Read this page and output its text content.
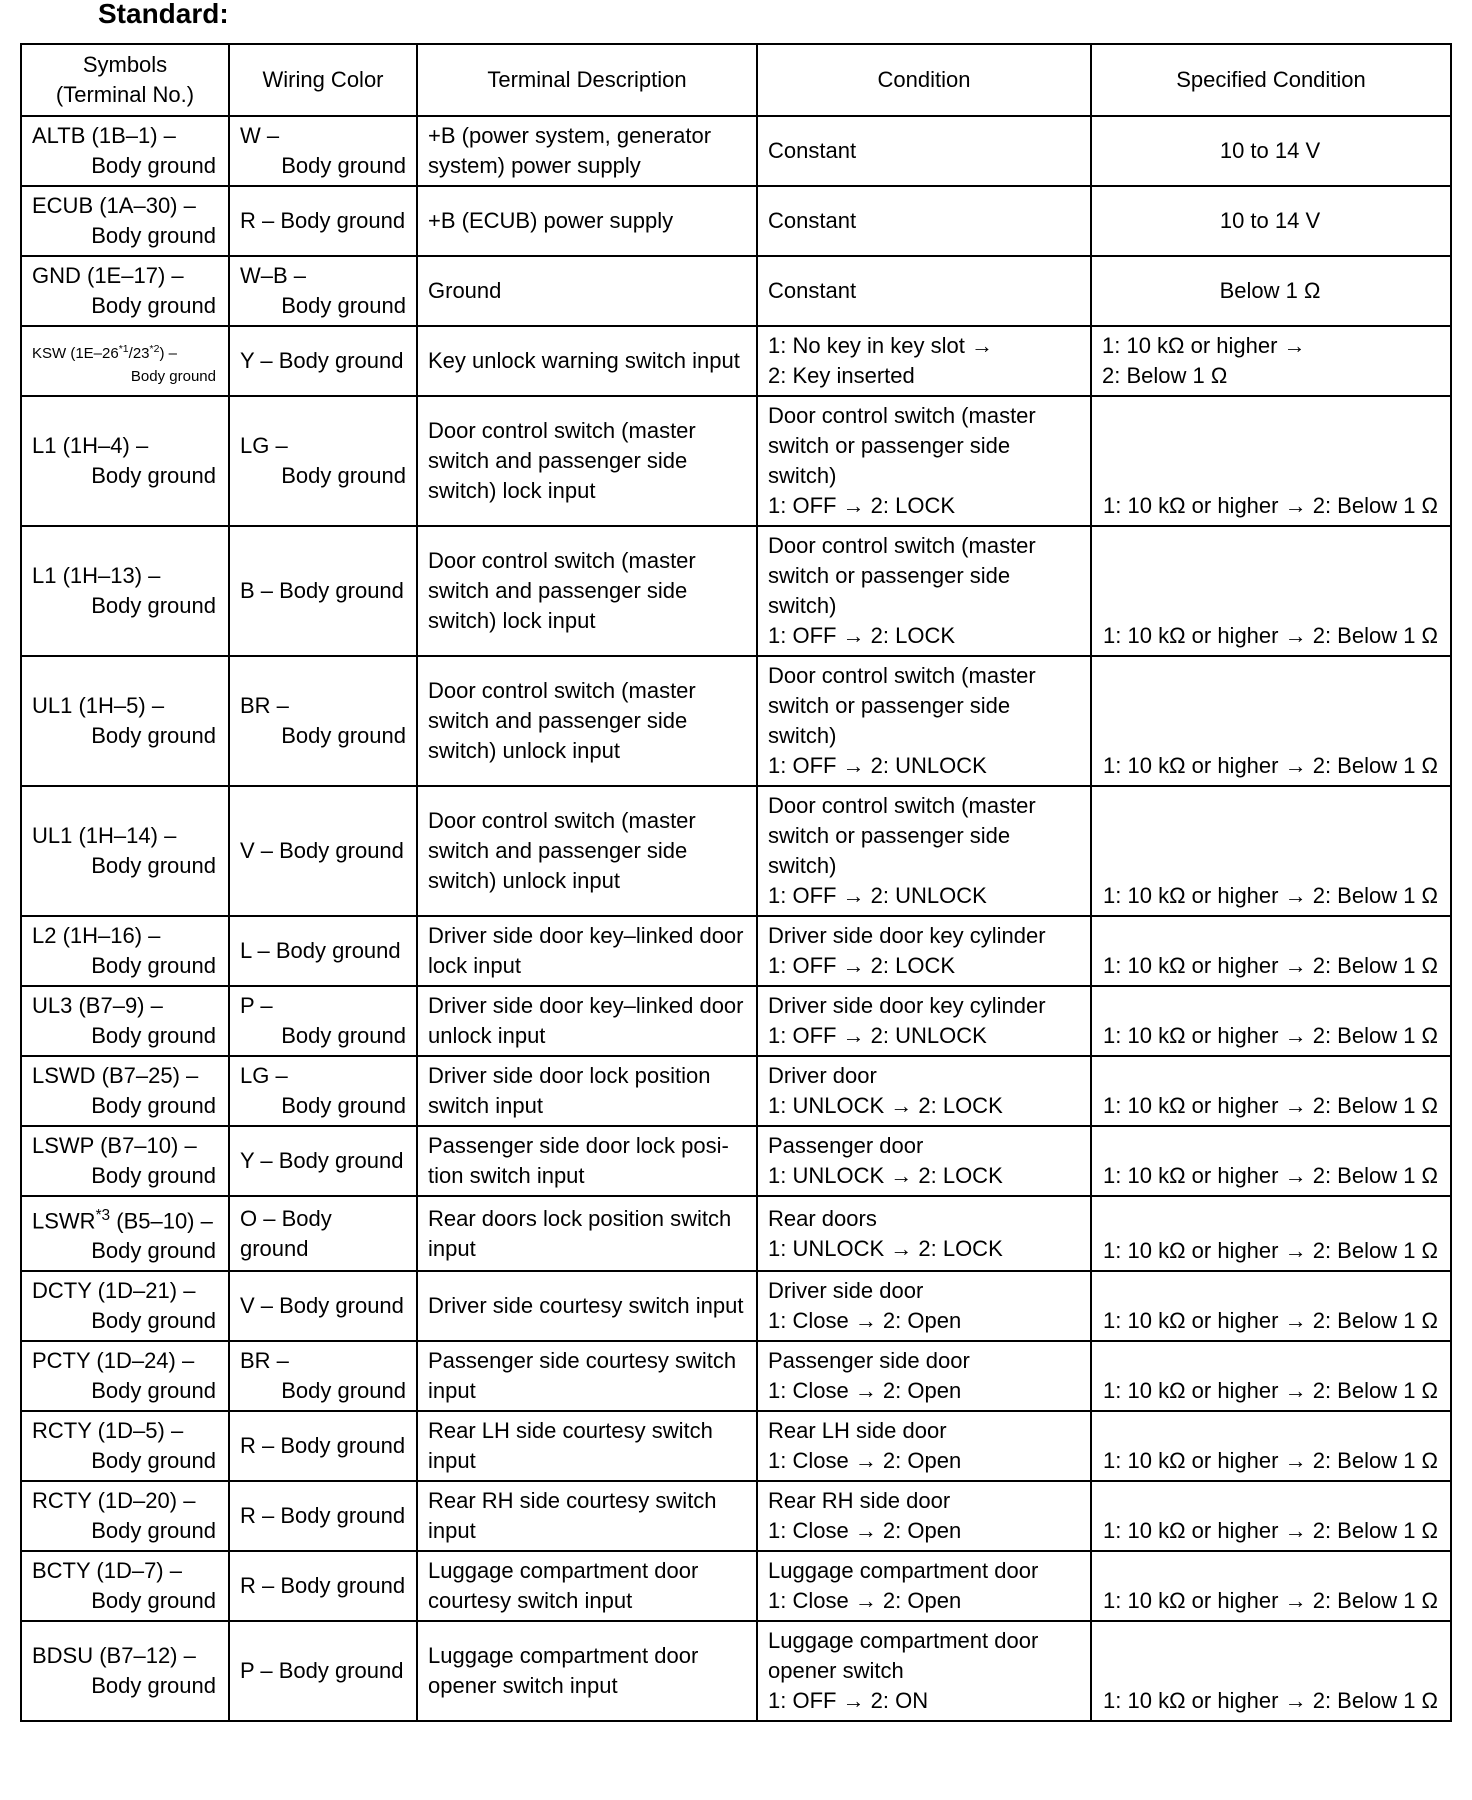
Standard:
Symbols
(Terminal No.)	Wiring Color	Terminal Description	Condition	Specified Condition

ALTB (1B–1) –
Body ground	W –
Body ground	+B (power system, generator
system) power supply	Constant	10 to 14 V

ECUB (1A–30) –
Body ground	R – Body ground	+B (ECUB) power supply	Constant	10 to 14 V

GND (1E–17) –
Body ground	W–B –
Body ground	Ground	Constant	Below 1 Ω

KSW (1E–26$^{*1}$/23$^{*2}$) –
Body ground	Y – Body ground	Key unlock warning switch input	1: No key in key slot →
2: Key inserted	1: 10 kΩ or higher →
2: Below 1 Ω

L1 (1H–4) –
Body ground	LG –
Body ground	Door control switch (master
switch and passenger side
switch) lock input	Door control switch (master
switch or passenger side
switch)
1: OFF → 2: LOCK	1: 10 kΩ or higher → 2: Below 1 Ω

L1 (1H–13) –
Body ground	B – Body ground	Door control switch (master
switch and passenger side
switch) lock input	Door control switch (master
switch or passenger side
switch)
1: OFF → 2: LOCK	1: 10 kΩ or higher → 2: Below 1 Ω

UL1 (1H–5) –
Body ground	BR –
Body ground	Door control switch (master
switch and passenger side
switch) unlock input	Door control switch (master
switch or passenger side
switch)
1: OFF → 2: UNLOCK	1: 10 kΩ or higher → 2: Below 1 Ω

UL1 (1H–14) –
Body ground	V – Body ground	Door control switch (master
switch and passenger side
switch) unlock input	Door control switch (master
switch or passenger side
switch)
1: OFF → 2: UNLOCK	1: 10 kΩ or higher → 2: Below 1 Ω

L2 (1H–16) –
Body ground	L – Body ground	Driver side door key–linked door
lock input	Driver side door key cylinder
1: OFF → 2: LOCK	1: 10 kΩ or higher → 2: Below 1 Ω

UL3 (B7–9) –
Body ground	P –
Body ground	Driver side door key–linked door
unlock input	Driver side door key cylinder
1: OFF → 2: UNLOCK	1: 10 kΩ or higher → 2: Below 1 Ω

LSWD (B7–25) –
Body ground	LG –
Body ground	Driver side door lock position
switch input	Driver door
1: UNLOCK → 2: LOCK	1: 10 kΩ or higher → 2: Below 1 Ω

LSWP (B7–10) –
Body ground	Y – Body ground	Passenger side door lock posi-
tion switch input	Passenger door
1: UNLOCK → 2: LOCK	1: 10 kΩ or higher → 2: Below 1 Ω

LSWR$^{*3}$ (B5–10) –
Body ground	O – Body ground	Rear doors lock position switch
input	Rear doors
1: UNLOCK → 2: LOCK	1: 10 kΩ or higher → 2: Below 1 Ω

DCTY (1D–21) –
Body ground	V – Body ground	Driver side courtesy switch input	Driver side door
1: Close → 2: Open	1: 10 kΩ or higher → 2: Below 1 Ω

PCTY (1D–24) –
Body ground	BR –
Body ground	Passenger side courtesy switch
input	Passenger side door
1: Close → 2: Open	1: 10 kΩ or higher → 2: Below 1 Ω

RCTY (1D–5) –
Body ground	R – Body ground	Rear LH side courtesy switch
input	Rear LH side door
1: Close → 2: Open	1: 10 kΩ or higher → 2: Below 1 Ω

RCTY (1D–20) –
Body ground	R – Body ground	Rear RH side courtesy switch
input	Rear RH side door
1: Close → 2: Open	1: 10 kΩ or higher → 2: Below 1 Ω

BCTY (1D–7) –
Body ground	R – Body ground	Luggage compartment door
courtesy switch input	Luggage compartment door
1: Close → 2: Open	1: 10 kΩ or higher → 2: Below 1 Ω

BDSU (B7–12) –
Body ground	P – Body ground	Luggage compartment door
opener switch input	Luggage compartment door
opener switch
1: OFF → 2: ON	1: 10 kΩ or higher → 2: Below 1 Ω
